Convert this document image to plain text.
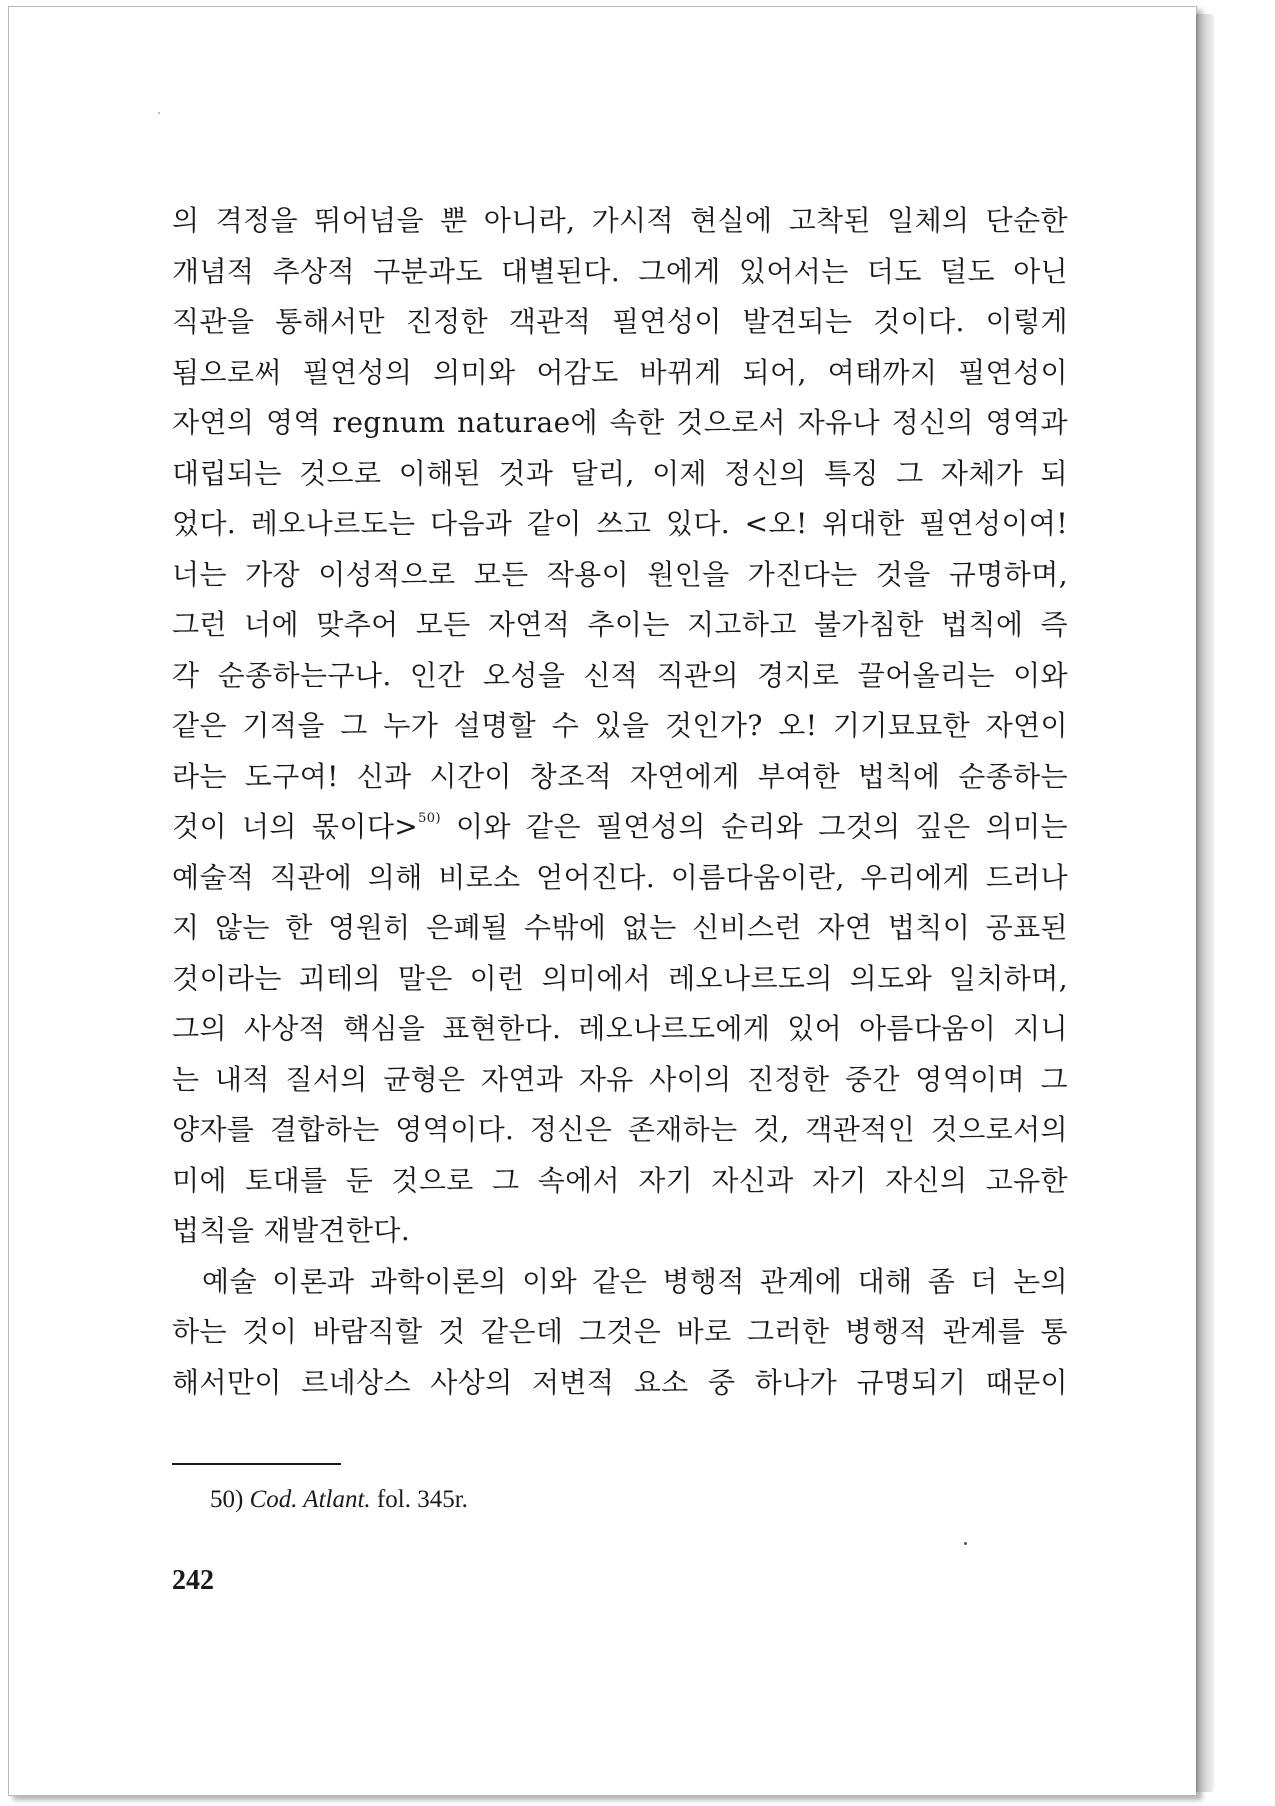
의 격정을 뛰어넘을 뿐 아니라, 가시적 현실에 고착된 일체의 단순한
개념적 추상적 구분과도 대별된다. 그에게 있어서는 더도 덜도 아닌
직관을 통해서만 진정한 객관적 필연성이 발견되는 것이다. 이렇게
됨으로써 필연성의 의미와 어감도 바뀌게 되어, 여태까지 필연성이
자연의 영역 regnum naturae에 속한 것으로서 자유나 정신의 영역과
대립되는 것으로 이해된 것과 달리, 이제 정신의 특징 그 자체가 되
었다. 레오나르도는 다음과 같이 쓰고 있다. <오! 위대한 필연성이여!
너는 가장 이성적으로 모든 작용이 원인을 가진다는 것을 규명하며,
그런 너에 맞추어 모든 자연적 추이는 지고하고 불가침한 법칙에 즉
각 순종하는구나. 인간 오성을 신적 직관의 경지로 끌어올리는 이와
같은 기적을 그 누가 설명할 수 있을 것인가? 오! 기기묘묘한 자연이
라는 도구여! 신과 시간이 창조적 자연에게 부여한 법칙에 순종하는
것이 너의 몫이다>$^{50)}$ 이와 같은 필연성의 순리와 그것의 깊은 의미는
예술적 직관에 의해 비로소 얻어진다. 이름다움이란, 우리에게 드러나
지 않는 한 영원히 은폐될 수밖에 없는 신비스런 자연 법칙이 공표된
것이라는 괴테의 말은 이런 의미에서 레오나르도의 의도와 일치하며,
그의 사상적 핵심을 표현한다. 레오나르도에게 있어 아름다움이 지니
는 내적 질서의 균형은 자연과 자유 사이의 진정한 중간 영역이며 그
양자를 결합하는 영역이다. 정신은 존재하는 것, 객관적인 것으로서의
미에 토대를 둔 것으로 그 속에서 자기 자신과 자기 자신의 고유한
법칙을 재발견한다.
예술 이론과 과학이론의 이와 같은 병행적 관계에 대해 좀 더 논의
하는 것이 바람직할 것 같은데 그것은 바로 그러한 병행적 관계를 통
해서만이 르네상스 사상의 저변적 요소 중 하나가 규명되기 때문이
50) Cod. Atlant. fol. 345r.
242
